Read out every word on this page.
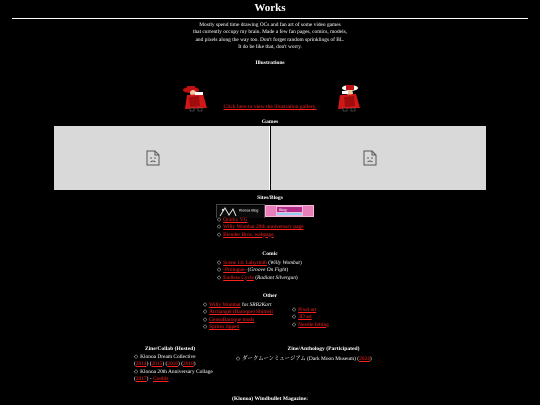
Works
Mostly spend time drawing OCs and fan art of some video games
that currently occupy my brain. Made a few fan pages, comics, models,
and pixels along the way too. Don't forget random sprinklings of BL.
It do be like that, don't worry.
Illustrations
Click here to view the illustration gallery.
Games
Sites/Blogs
Klonoa Blog	Blog
◇ Quirky VG
◇ Willy Wombat 20th anniversary page
◇ Blender Bros. webpage
Comic
◇ Scene 14: Labyrinth (Willy Wombat)
◇ -Prologue- (Groove On Fight)
◇ Endless Cycle (Radiant Silvergun)
Other
◇ Willy Wombat for SRB2Kart
◇ Archangel (Baroque) Shimeji
◇ GensoBaroque mods
◇ Sprites ripped
◇ Pixel art
◇ 3D art
◇ Needle felting
Zine/Collab (Hosted)
◇ Klonoa Dream Collective
(2014) (2015) (2016) (2018)
◇ Klonoa 20th Anniversary Collage
(2017) - Credits
Zine/Anthology (Participated)
◇ ダークムーンミュージアム (Dark Moon Museum) (2024)
(Klonoa) Windbullet Magazine:
